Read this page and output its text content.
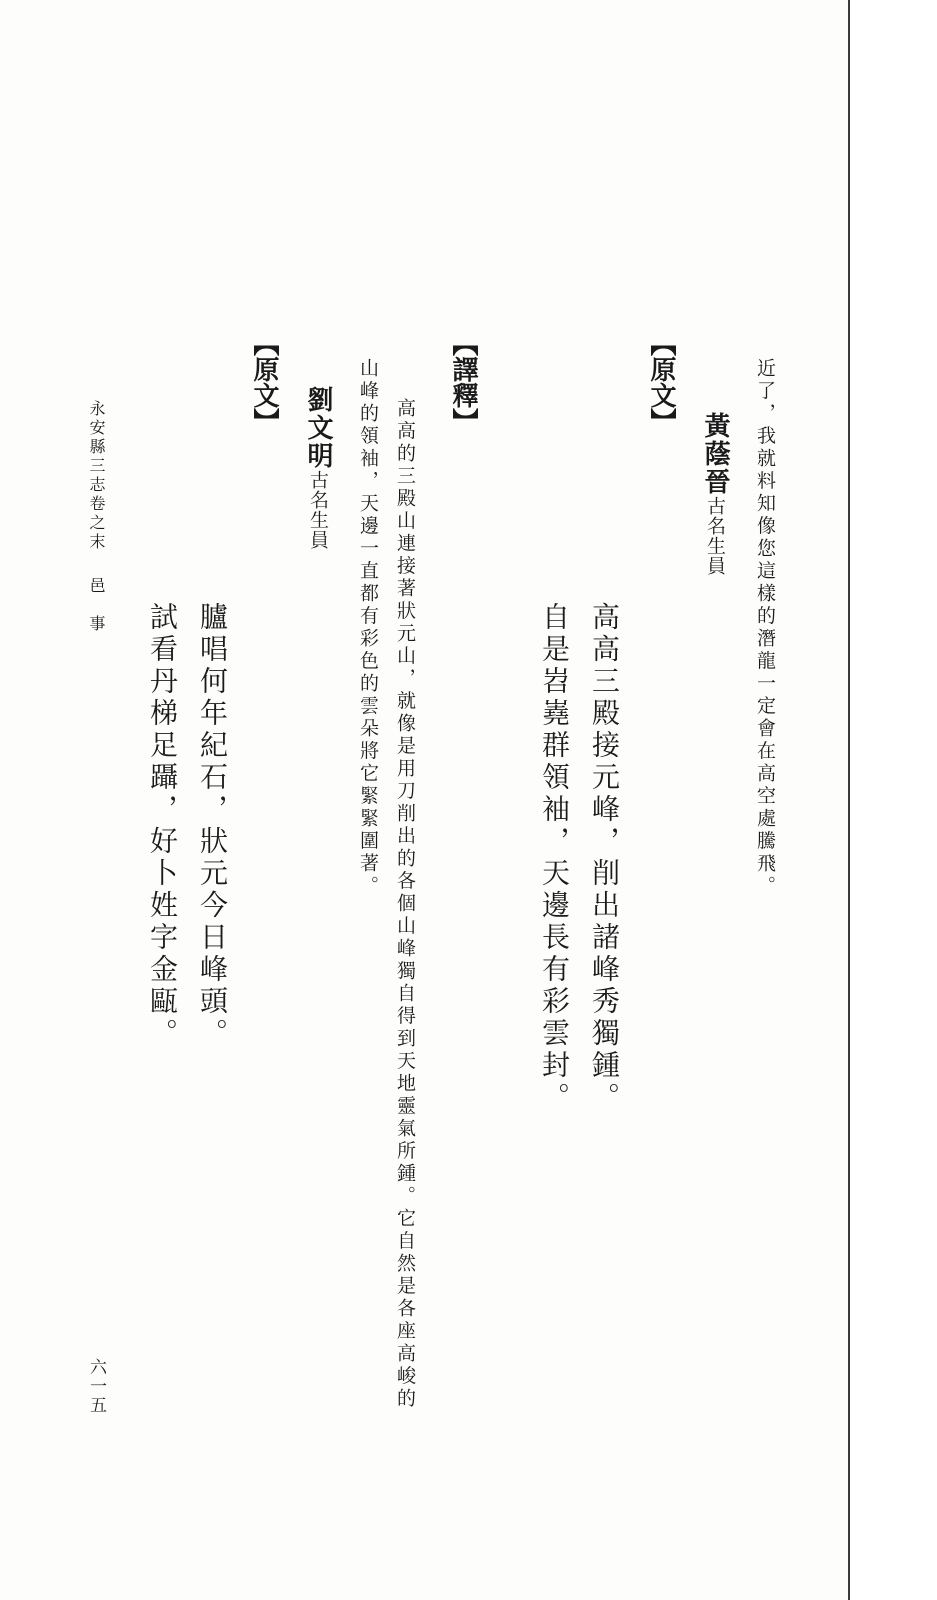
近了，我就料知像您這樣的潛龍一定會在高空處騰飛。
【原文】
黃蔭晉古名生員
高高三殿接元峰，削出諸峰秀獨鍾。
自是岧嶤群領袖，天邊長有彩雲封。
【譯釋】
高高的三殿山連接著狀元山，就像是用刀削出的各個山峰獨自得到天地靈氣所鍾。它自然是各座高峻的
山峰的領袖，天邊一直都有彩色的雲朵將它緊緊圍著。
劉文明古名生員
【原文】
臚唱何年紀石，狀元今日峰頭。
試看丹梯足躡，好卜姓字金甌。
永安縣三志卷之末
邑　事
六一五
